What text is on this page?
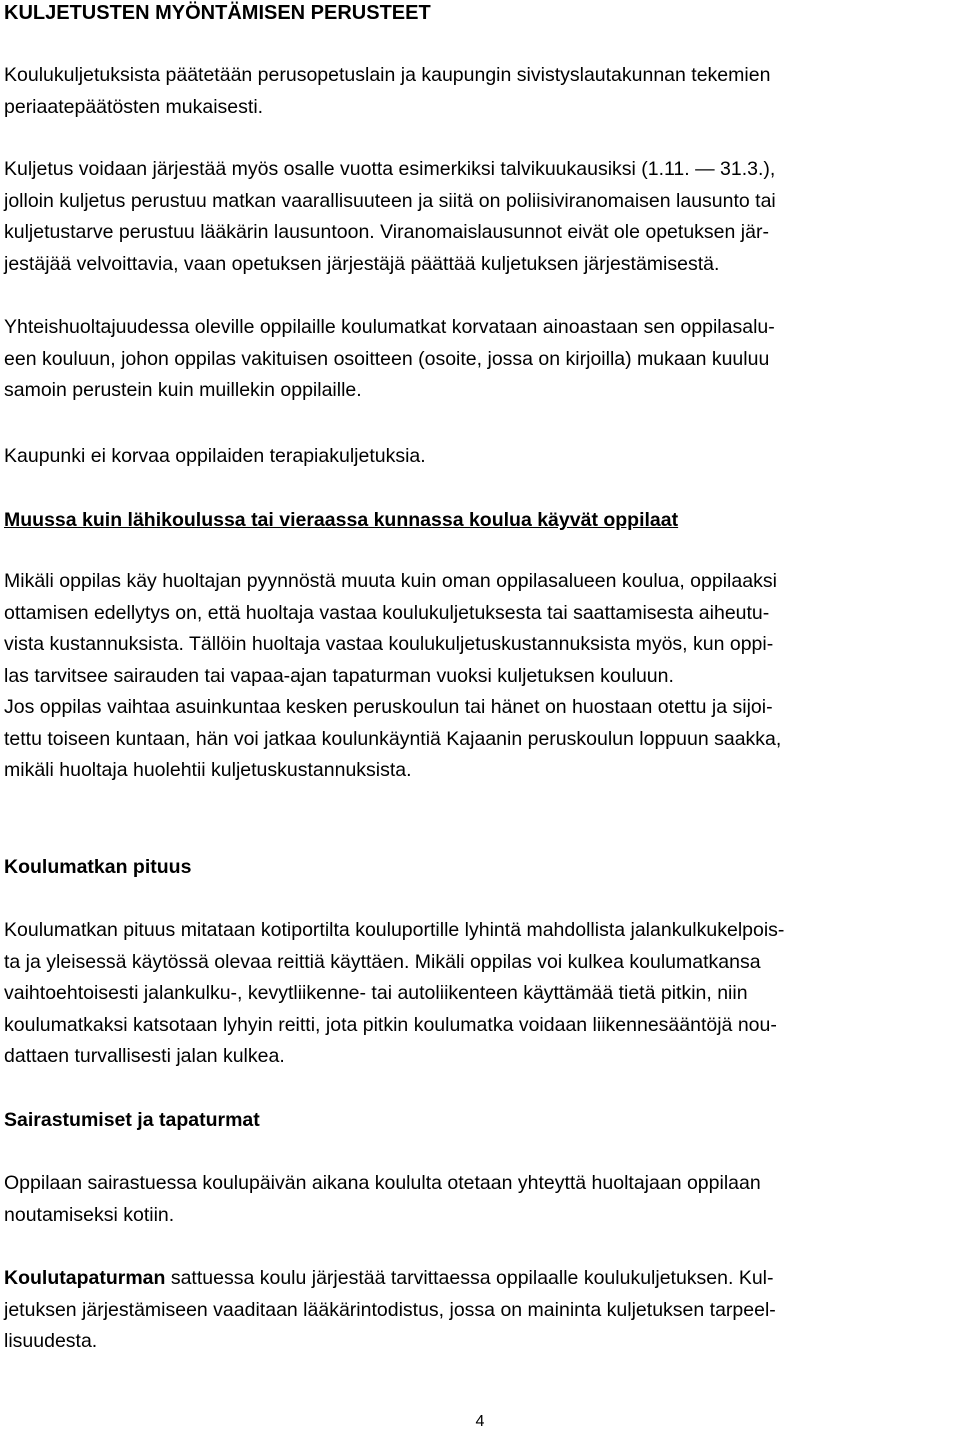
KULJETUSTEN MYÖNTÄMISEN PERUSTEET

Koulukuljetuksista päätetään perusopetuslain ja kaupungin sivistyslautakunnan tekemien
periaatepäätösten mukaisesti.

Kuljetus voidaan järjestää myös osalle vuotta esimerkiksi talvikuukausiksi (1.11. — 31.3.),
jolloin kuljetus perustuu matkan vaarallisuuteen ja siitä on poliisiviranomaisen lausunto tai
kuljetustarve perustuu lääkärin lausuntoon. Viranomaislausunnot eivät ole opetuksen jär-
jestäjää velvoittavia, vaan opetuksen järjestäjä päättää kuljetuksen järjestämisestä.

Yhteishuoltajuudessa oleville oppilaille koulumatkat korvataan ainoastaan sen oppilasalu-
een kouluun, johon oppilas vakituisen osoitteen (osoite, jossa on kirjoilla) mukaan kuuluu
samoin perustein kuin muillekin oppilaille.

Kaupunki ei korvaa oppilaiden terapiakuljetuksia.

Muussa kuin lähikoulussa tai vieraassa kunnassa koulua käyvät oppilaat

Mikäli oppilas käy huoltajan pyynnöstä muuta kuin oman oppilasalueen koulua, oppilaaksi
ottamisen edellytys on, että huoltaja vastaa koulukuljetuksesta tai saattamisesta aiheutu-
vista kustannuksista. Tällöin huoltaja vastaa koulukuljetuskustannuksista myös, kun oppi-
las tarvitsee sairauden tai vapaa-ajan tapaturman vuoksi kuljetuksen kouluun.
Jos oppilas vaihtaa asuinkuntaa kesken peruskoulun tai hänet on huostaan otettu ja sijoi-
tettu toiseen kuntaan, hän voi jatkaa koulunkäyntiä Kajaanin peruskoulun loppuun saakka,
mikäli huoltaja huolehtii kuljetuskustannuksista.

Koulumatkan pituus

Koulumatkan pituus mitataan kotiportilta kouluportille lyhintä mahdollista jalankulkukelpois-
ta ja yleisessä käytössä olevaa reittiä käyttäen. Mikäli oppilas voi kulkea koulumatkansa
vaihtoehtoisesti jalankulku-, kevytliikenne- tai autoliikenteen käyttämää tietä pitkin, niin
koulumatkaksi katsotaan lyhyin reitti, jota pitkin koulumatka voidaan liikennesääntöjä nou-
dattaen turvallisesti jalan kulkea.

Sairastumiset ja tapaturmat

Oppilaan sairastuessa koulupäivän aikana koululta otetaan yhteyttä huoltajaan oppilaan
noutamiseksi kotiin.

Koulutapaturman sattuessa koulu järjestää tarvittaessa oppilaalle koulukuljetuksen. Kul-
jetuksen järjestämiseen vaaditaan lääkärintodistus, jossa on maininta kuljetuksen tarpeel-
lisuudesta.

4
